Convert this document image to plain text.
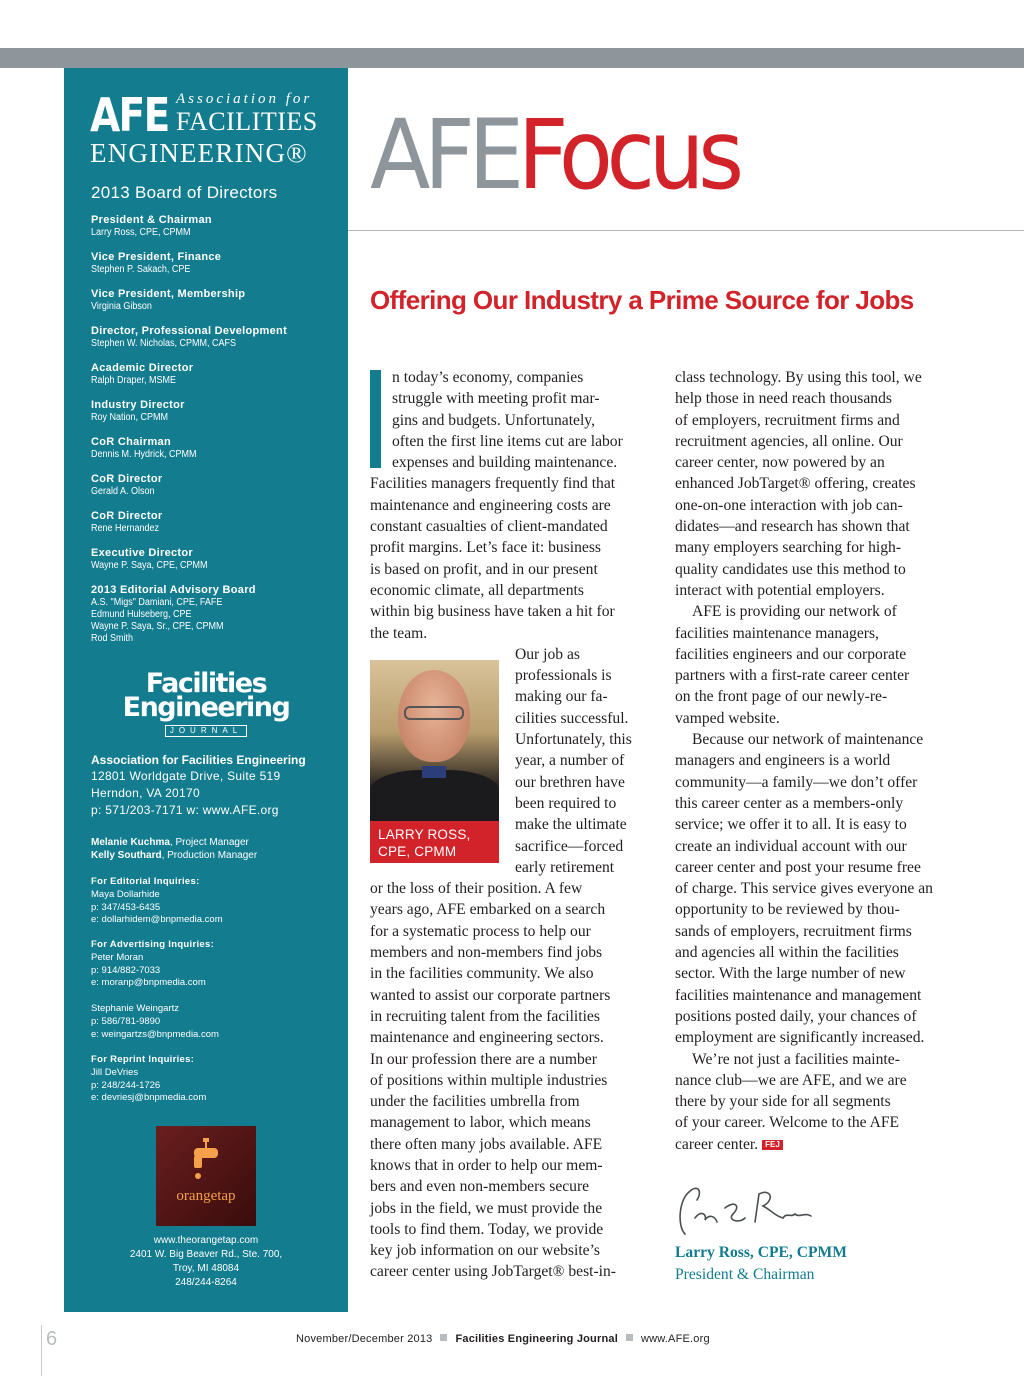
AFE Association for
FACILITIES
ENGINEERING®
2013 Board of Directors
President & Chairman
Larry Ross, CPE, CPMM
Vice President, Finance
Stephen P. Sakach, CPE
Vice President, Membership
Virginia Gibson
Director, Professional Development
Stephen W. Nicholas, CPMM, CAFS
Academic Director
Ralph Draper, MSME
Industry Director
Roy Nation, CPMM
CoR Chairman
Dennis M. Hydrick, CPMM
CoR Director
Gerald A. Olson
CoR Director
Rene Hernandez
Executive Director
Wayne P. Saya, CPE, CPMM
2013 Editorial Advisory Board
A.S. "Migs" Damiani, CPE, FAFE
Edmund Hulseberg, CPE
Wayne P. Saya, Sr., CPE, CPMM
Rod Smith
Facilities
Engineering
JOURNAL
Association for Facilities Engineering
12801 Worldgate Drive, Suite 519
Herndon, VA 20170
p: 571/203-7171 w: www.AFE.org
Melanie Kuchma, Project Manager
Kelly Southard, Production Manager
For Editorial Inquiries:
Maya Dollarhide
p: 347/453-6435
e: dollarhidem@bnpmedia.com
For Advertising Inquiries:
Peter Moran
p: 914/882-7033
e: moranp@bnpmedia.com
Stephanie Weingartz
p: 586/781-9890
e: weingartzs@bnpmedia.com
For Reprint Inquiries:
Jill DeVries
p: 248/244-1726
e: devriesj@bnpmedia.com
orangetap
www.theorangetap.com
2401 W. Big Beaver Rd., Ste. 700,
Troy, MI 48084
248/244-8264
AFEFocus
Offering Our Industry a Prime Source for Jobs

n today’s economy, companies

struggle with meeting profit mar-

gins and budgets. Unfortunately,

often the first line items cut are labor

expenses and building maintenance.

Facilities managers frequently find that

maintenance and engineering costs are

constant casualties of client-mandated

profit margins. Let’s face it: business

is based on profit, and in our present

economic climate, all departments

within big business have taken a hit for

the team.

Our job as

professionals is

making our fa-

cilities successful.

Unfortunately, this

year, a number of

our brethren have

been required to

make the ultimate

sacrifice—forced

early retirement

or the loss of their position. A few

years ago, AFE embarked on a search

for a systematic process to help our

members and non-members find jobs

in the facilities community. We also

wanted to assist our corporate partners

in recruiting talent from the facilities

maintenance and engineering sectors.

In our profession there are a number

of positions within multiple industries

under the facilities umbrella from

management to labor, which means

there often many jobs available. AFE

knows that in order to help our mem-

bers and even non-members secure

jobs in the field, we must provide the

tools to find them. Today, we provide

key job information on our website’s

career center using JobTarget® best-in-

class technology. By using this tool, we

help those in need reach thousands

of employers, recruitment firms and

recruitment agencies, all online. Our

career center, now powered by an

enhanced JobTarget® offering, creates

one-on-one interaction with job can-

didates—and research has shown that

many employers searching for high-

quality candidates use this method to

interact with potential employers.

AFE is providing our network of

facilities maintenance managers,

facilities engineers and our corporate

partners with a first-rate career center

on the front page of our newly-re-

vamped website.

Because our network of maintenance

managers and engineers is a world

community—a family—we don’t offer

this career center as a members-only

service; we offer it to all. It is easy to

create an individual account with our

career center and post your resume free

of charge. This service gives everyone an

opportunity to be reviewed by thou-

sands of employers, recruitment firms

and agencies all within the facilities

sector. With the large number of new

facilities maintenance and management

positions posted daily, your chances of

employment are significantly increased.

We’re not just a facilities mainte-

nance club—we are AFE, and we are

there by your side for all segments

of your career. Welcome to the AFE

career center. FEJ

LARRY ROSS,
CPE, CPMM
Larry Ross, CPE, CPMM
President & Chairman
6	November/December 2013 Facilities Engineering Journal www.AFE.org
